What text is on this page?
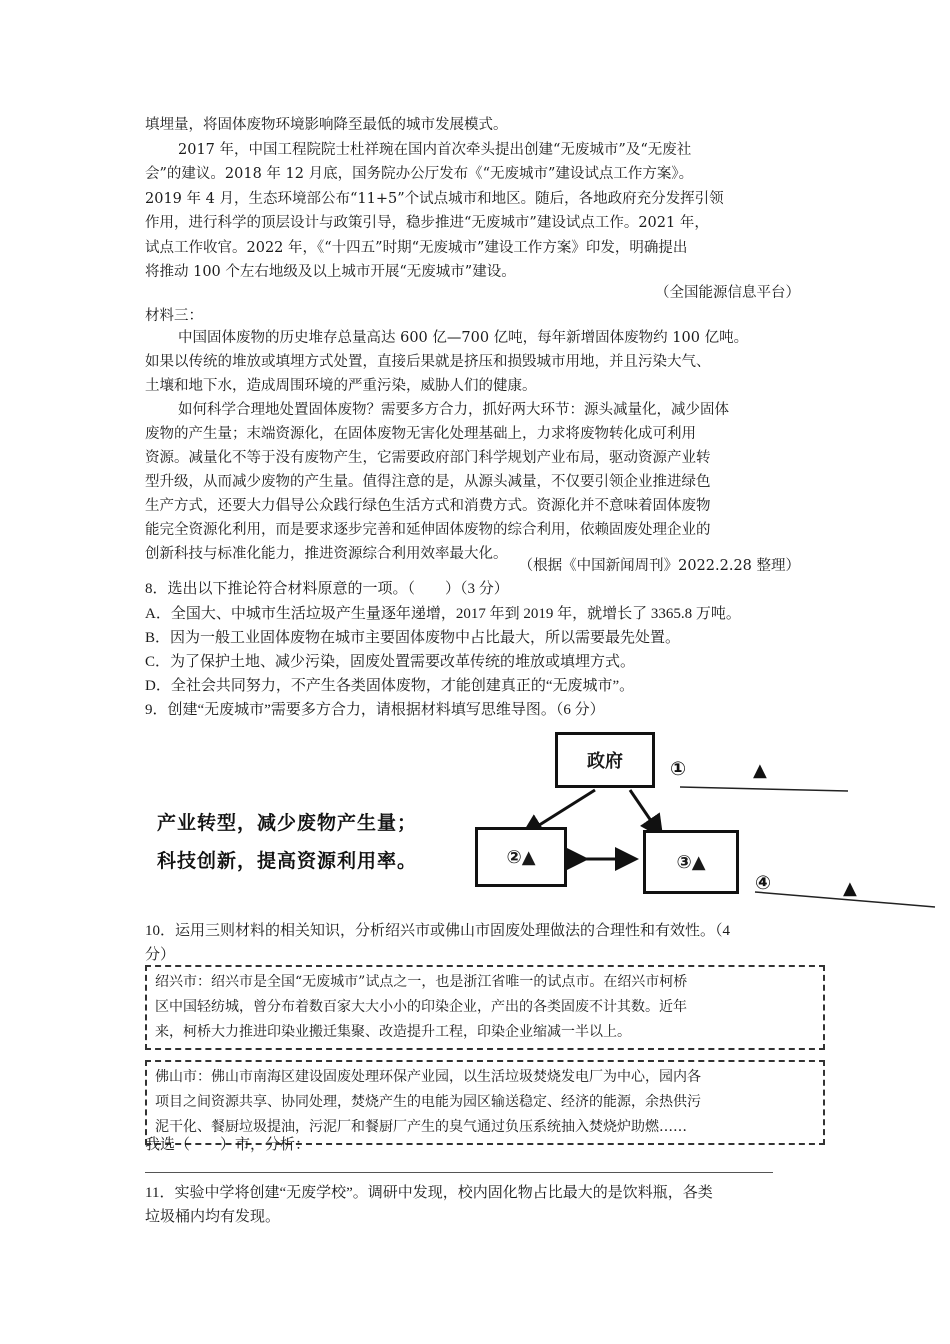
填埋量，将固体废物环境影响降至最低的城市发展模式。
2017 年，中国工程院院士杜祥琬在国内首次牵头提出创建“无废城市”及“无废社
会”的建议。2018 年 12 月底，国务院办公厅发布《“无废城市”建设试点工作方案》。
2019 年 4 月，生态环境部公布“11+5”个试点城市和地区。随后，各地政府充分发挥引领
作用，进行科学的顶层设计与政策引导，稳步推进“无废城市”建设试点工作。2021 年，
试点工作收官。2022 年，《“十四五”时期“无废城市”建设工作方案》印发，明确提出
将推动 100 个左右地级及以上城市开展“无废城市”建设。
（全国能源信息平台）
材料三：
中国固体废物的历史堆存总量高达 600 亿—700 亿吨，每年新增固体废物约 100 亿吨。
如果以传统的堆放或填埋方式处置，直接后果就是挤压和损毁城市用地，并且污染大气、
土壤和地下水，造成周围环境的严重污染，威胁人们的健康。
如何科学合理地处置固体废物？需要多方合力，抓好两大环节：源头减量化，减少固体
废物的产生量；末端资源化，在固体废物无害化处理基础上，力求将废物转化成可利用
资源。减量化不等于没有废物产生，它需要政府部门科学规划产业布局，驱动资源产业转
型升级，从而减少废物的产生量。值得注意的是，从源头减量，不仅要引领企业推进绿色
生产方式，还要大力倡导公众践行绿色生活方式和消费方式。资源化并不意味着固体废物
能完全资源化利用，而是要求逐步完善和延伸固体废物的综合利用，依赖固废处理企业的
创新科技与标准化能力，推进资源综合利用效率最大化。
（根据《中国新闻周刊》2022.2.28 整理）
8．选出以下推论符合材料原意的一项。（　　）（3 分）
A．全国大、中城市生活垃圾产生量逐年递增，2017 年到 2019 年，就增长了 3365.8 万吨。
B．因为一般工业固体废物在城市主要固体废物中占比最大，所以需要最先处置。
C．为了保护土地、减少污染，固废处置需要改革传统的堆放或填埋方式。
D．全社会共同努力，不产生各类固体废物，才能创建真正的“无废城市”。
9．创建“无废城市”需要多方合力，请根据材料填写思维导图。（6 分）
政府	①	▲
②▲	③▲
④	▲
产业转型，减少废物产生量；
科技创新，提高资源利用率。
10．运用三则材料的相关知识，分析绍兴市或佛山市固废处理做法的合理性和有效性。（4
分）
绍兴市：绍兴市是全国“无废城市”试点之一，也是浙江省唯一的试点市。在绍兴市柯桥
区中国轻纺城，曾分布着数百家大大小小的印染企业，产出的各类固废不计其数。近年
来，柯桥大力推进印染业搬迁集聚、改造提升工程，印染企业缩减一半以上。
佛山市：佛山市南海区建设固废处理环保产业园，以生活垃圾焚烧发电厂为中心，园内各
项目之间资源共享、协同处理，焚烧产生的电能为园区输送稳定、经济的能源，余热供污
泥干化、餐厨垃圾提油，污泥厂和餐厨厂产生的臭气通过负压系统抽入焚烧炉助燃……
我选（　　）市，分析：
11．实验中学将创建“无废学校”。调研中发现，校内固化物占比最大的是饮料瓶，各类
垃圾桶内均有发现。
